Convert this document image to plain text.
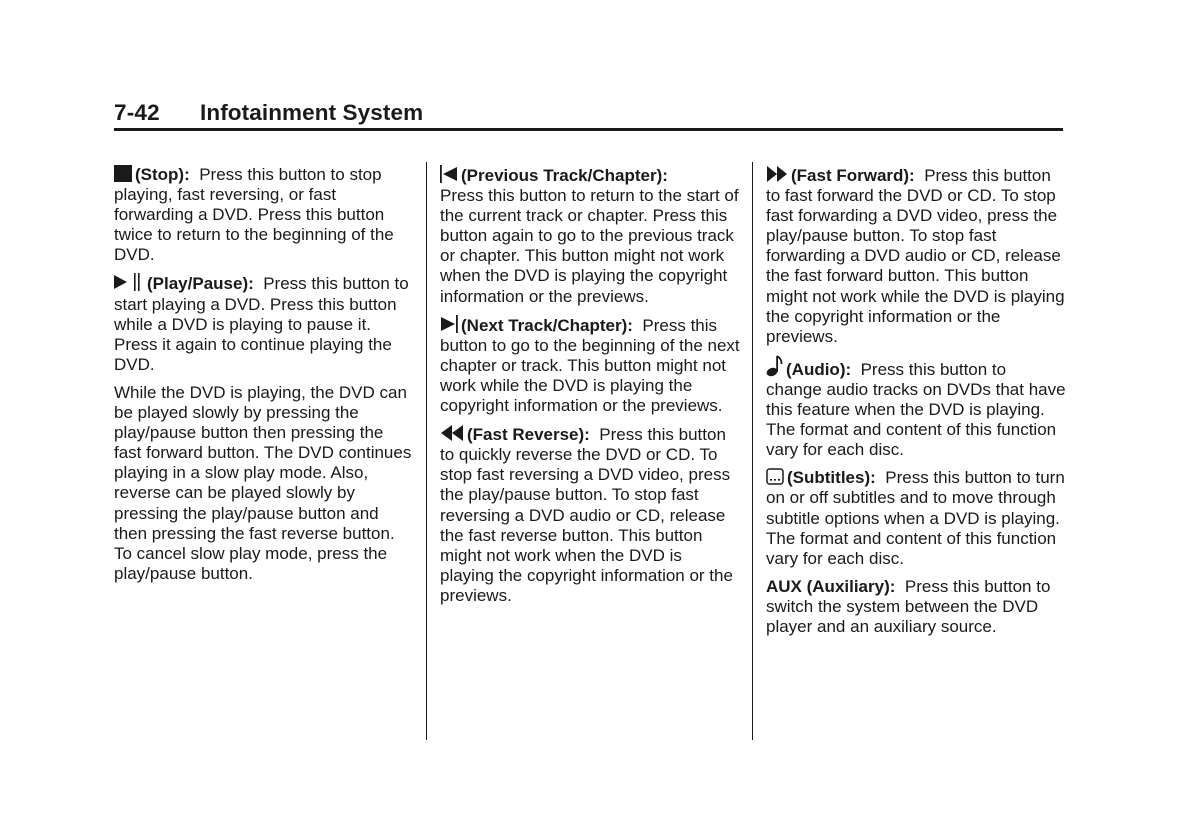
7-42 Infotainment System

(Stop): Press this button to stop playing, fast reversing, or fast forwarding a DVD. Press this button twice to return to the beginning of the DVD.

(Play/Pause): Press this button to start playing a DVD. Press this button while a DVD is playing to pause it. Press it again to continue playing the DVD.

While the DVD is playing, the DVD can be played slowly by pressing the play/pause button then pressing the fast forward button. The DVD continues playing in a slow play mode. Also, reverse can be played slowly by pressing the play/pause button and then pressing the fast reverse button. To cancel slow play mode, press the play/pause button.

(Previous Track/Chapter):
Press this button to return to the start of the current track or chapter. Press this button again to go to the previous track or chapter. This button might not work when the DVD is playing the copyright information or the previews.

(Next Track/Chapter): Press this button to go to the beginning of the next chapter or track. This button might not work while the DVD is playing the copyright information or the previews.

(Fast Reverse): Press this button to quickly reverse the DVD or CD. To stop fast reversing a DVD video, press the play/pause button. To stop fast reversing a DVD audio or CD, release the fast reverse button. This button might not work when the DVD is playing the copyright information or the previews.

(Fast Forward): Press this button to fast forward the DVD or CD. To stop fast forwarding a DVD video, press the play/pause button. To stop fast forwarding a DVD audio or CD, release the fast forward button. This button might not work while the DVD is playing the copyright information or the previews.

(Audio): Press this button to change audio tracks on DVDs that have this feature when the DVD is playing. The format and content of this function vary for each disc.

(Subtitles): Press this button to turn on or off subtitles and to move through subtitle options when a DVD is playing. The format and content of this function vary for each disc.

AUX (Auxiliary): Press this button to switch the system between the DVD player and an auxiliary source.
